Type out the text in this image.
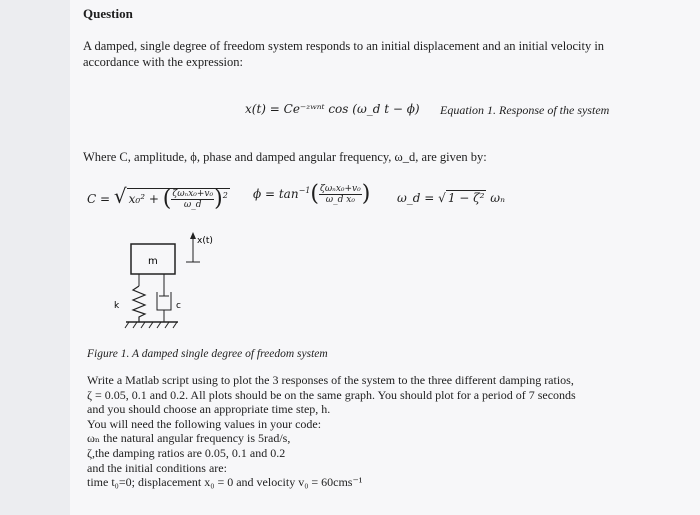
Question
A damped, single degree of freedom system responds to an initial displacement and an initial velocity in accordance with the expression:
x(t) = Ce⁻ᶻʷⁿᵗ cos (ω_d t − ϕ) Equation 1. Response of the system
Where C, amplitude, ϕ, phase and damped angular frequency, ω_d, are given by:
C = √ x₀² + ( $\frac{\text{ζωₙx₀+v₀}}{\omega\_d} )^2$ $\phi = \tan^{-1}( \frac{\text{ζωₙx₀+v₀}}{\text{ω\_d x₀}}$ ) ω_d = √ 1 − ζ² ωₙ
m
x(t)
k	c
Figure 1. A damped single degree of freedom system

Write a Matlab script using to plot the 3 responses of the system to the three different damping ratios,

ζ = 0.05, 0.1 and 0.2. All plots should be on the same graph. You should plot for a period of 7 seconds

and you should choose an appropriate time step, h.

You will need the following values in your code:

ωₙ the natural angular frequency is 5rad/s,

ζ,the damping ratios are 0.05, 0.1 and 0.2

and the initial conditions are:

time t₀=0; displacement x₀ = 0 and velocity v₀ = 60cms⁻¹
